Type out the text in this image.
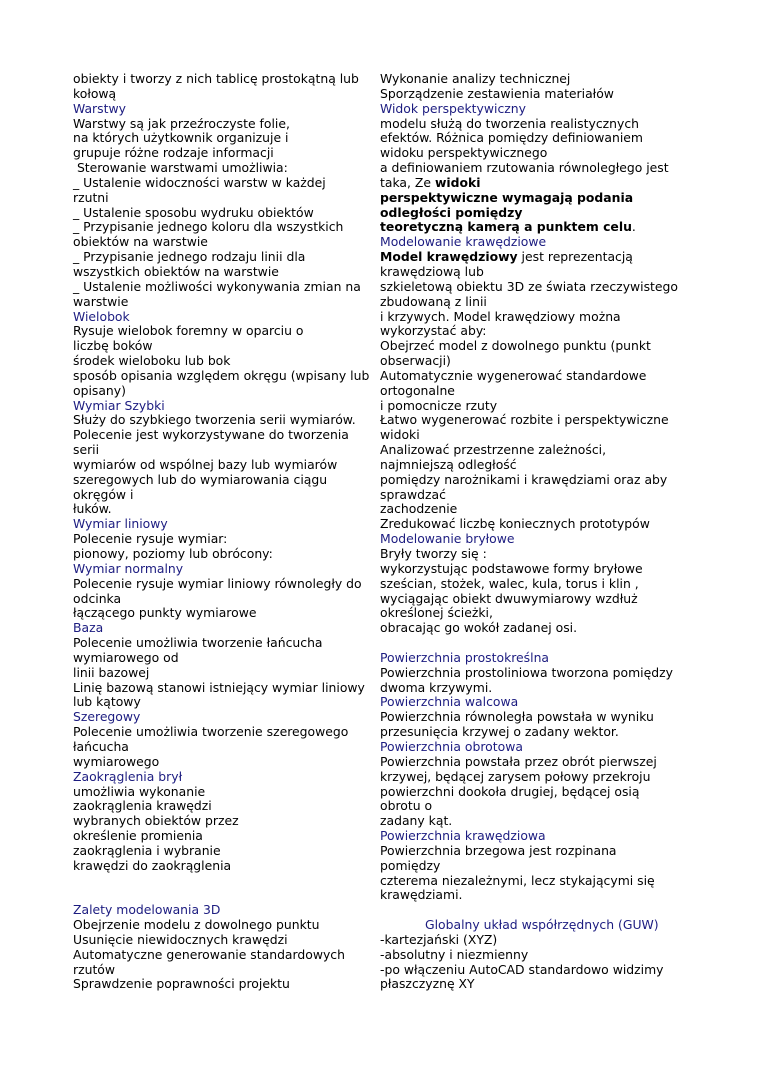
obiekty i tworzy z nich tablicę prostokątną lub
kołową
Warstwy
Warstwy są jak przeźroczyste folie,
na których użytkownik organizuje i
grupuje różne rodzaje informacji
Sterowanie warstwami umożliwia:
_ Ustalenie widoczności warstw w każdej
rzutni
_ Ustalenie sposobu wydruku obiektów
_ Przypisanie jednego koloru dla wszystkich
obiektów na warstwie
_ Przypisanie jednego rodzaju linii dla
wszystkich obiektów na warstwie
_ Ustalenie możliwości wykonywania zmian na
warstwie
Wielobok
Rysuje wielobok foremny w oparciu o
liczbę boków
środek wieloboku lub bok
sposób opisania względem okręgu (wpisany lub
opisany)
Wymiar Szybki
Służy do szybkiego tworzenia serii wymiarów.
Polecenie jest wykorzystywane do tworzenia
serii
wymiarów od wspólnej bazy lub wymiarów
szeregowych lub do wymiarowania ciągu
okręgów i
łuków.
Wymiar liniowy
Polecenie rysuje wymiar:
pionowy, poziomy lub obrócony:
Wymiar normalny
Polecenie rysuje wymiar liniowy równoległy do
odcinka
łączącego punkty wymiarowe
Baza
Polecenie umożliwia tworzenie łańcucha
wymiarowego od
linii bazowej
Linię bazową stanowi istniejący wymiar liniowy
lub kątowy
Szeregowy
Polecenie umożliwia tworzenie szeregowego
łańcucha
wymiarowego
Zaokrąglenia brył
umożliwia wykonanie
zaokrąglenia krawędzi
wybranych obiektów przez
określenie promienia
zaokrąglenia i wybranie
krawędzi do zaokrąglenia
Zalety modelowania 3D
Obejrzenie modelu z dowolnego punktu
Usunięcie niewidocznych krawędzi
Automatyczne generowanie standardowych
rzutów
Sprawdzenie poprawności projektu
Wykonanie analizy technicznej
Sporządzenie zestawienia materiałów
Widok perspektywiczny
modelu służą do tworzenia realistycznych
efektów. Różnica pomiędzy definiowaniem
widoku perspektywicznego
a definiowaniem rzutowania równoległego jest
taka, Ze widoki
perspektywiczne wymagają podania
odległości pomiędzy
teoretyczną kamerą a punktem celu.
Modelowanie krawędziowe
Model krawędziowy jest reprezentacją
krawędziową lub
szkieletową obiektu 3D ze świata rzeczywistego
zbudowaną z linii
i krzywych. Model krawędziowy można
wykorzystać aby:
Obejrzeć model z dowolnego punktu (punkt
obserwacji)
Automatycznie wygenerować standardowe
ortogonalne
i pomocnicze rzuty
Łatwo wygenerować rozbite i perspektywiczne
widoki
Analizować przestrzenne zależności,
najmniejszą odległość
pomiędzy narożnikami i krawędziami oraz aby
sprawdzać
zachodzenie
Zredukować liczbę koniecznych prototypów
Modelowanie bryłowe
Bryły tworzy się :
wykorzystując podstawowe formy bryłowe
sześcian, stożek, walec, kula, torus i klin ,
wyciągając obiekt dwuwymiarowy wzdłuż
określonej ścieżki,
obracając go wokół zadanej osi.
Powierzchnia prostokreślna
Powierzchnia prostoliniowa tworzona pomiędzy
dwoma krzywymi.
Powierzchnia walcowa
Powierzchnia równoległa powstała w wyniku
przesunięcia krzywej o zadany wektor.
Powierzchnia obrotowa
Powierzchnia powstała przez obrót pierwszej
krzywej, będącej zarysem połowy przekroju
powierzchni dookoła drugiej, będącej osią
obrotu o
zadany kąt.
Powierzchnia krawędziowa
Powierzchnia brzegowa jest rozpinana
pomiędzy
czterema niezależnymi, lecz stykającymi się
krawędziami.
Globalny układ współrzędnych (GUW)
-kartezjański (XYZ)
-absolutny i niezmienny
-po włączeniu AutoCAD standardowo widzimy
płaszczyznę XY
